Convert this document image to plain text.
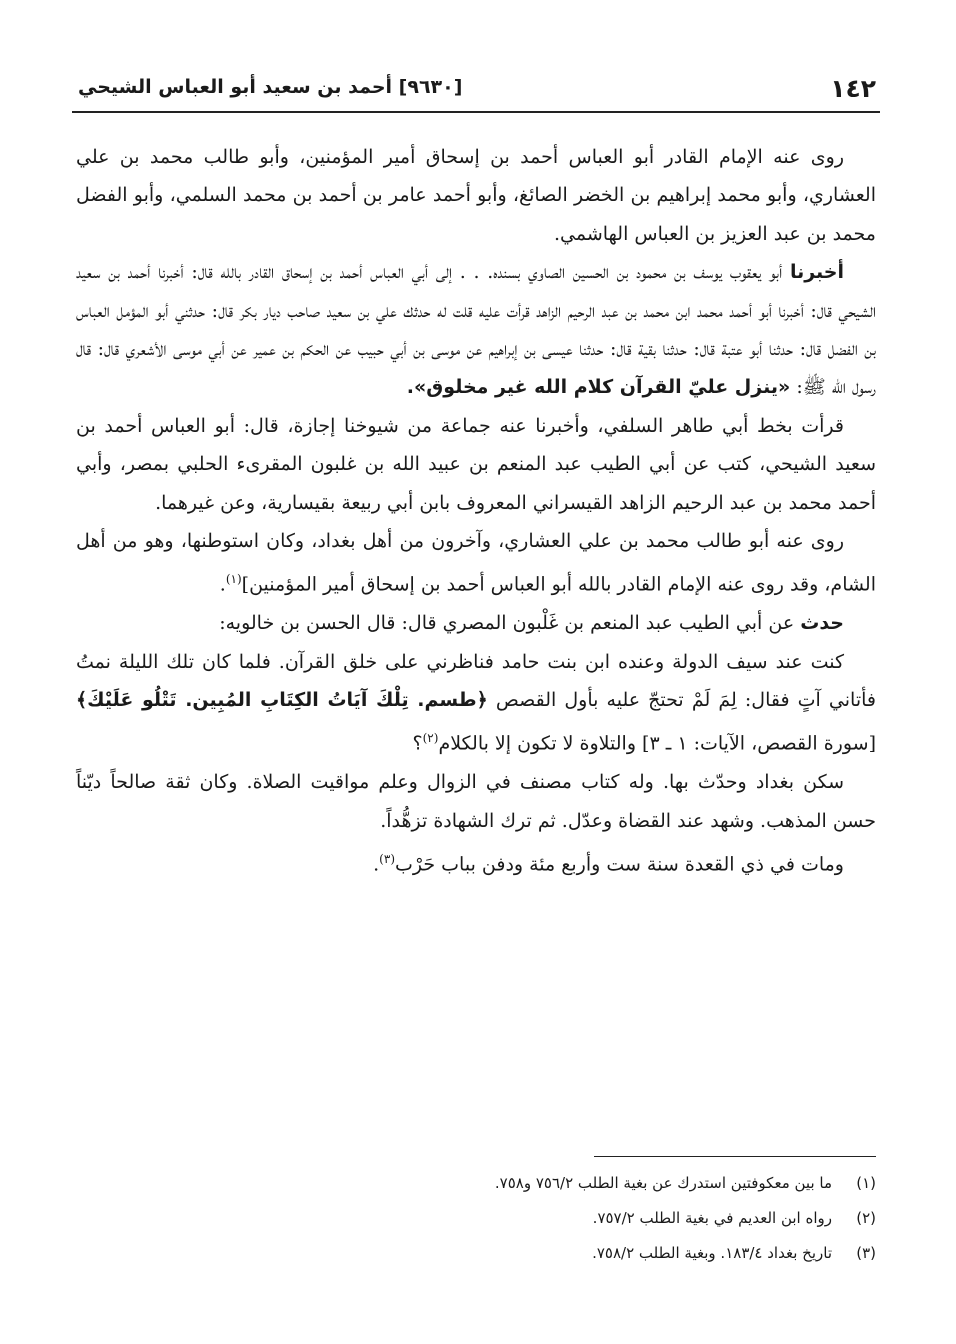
١٤٢
[٩٦٣٠] أحمد بن سعيد أبو العباس الشيحي

روى عنه الإمام القادر أبو العباس أحمد بن إسحاق أمير المؤمنين، وأبو طالب محمد بن علي العشاري، وأبو محمد إبراهيم بن الخضر الصائغ، وأبو أحمد عامر بن أحمد بن محمد السلمي، وأبو الفضل محمد بن عبد العزيز بن العباس الهاشمي.

أخبرنا أبو يعقوب يوسف بن محمود بن الحسين الصاوي بسنده. . . إلى أبي العباس أحمد بن إسحاق القادر بالله قال: أخبرنا أحمد بن سعيد الشيحي قال: أخبرنا أبو أحمد محمد ابن محمد بن عبد الرحيم الزاهد قرأت عليه قلت له حدثك علي بن سعيد صاحب ديار بكر قال: حدثني أبو المؤمل العباس بن الفضل قال: حدثنا أبو عتبة قال: حدثنا بقية قال: حدثنا عيسى بن إبراهيم عن موسى بن أبي حبيب عن الحكم بن عمير عن أبي موسى الأشعري قال: قال رسول الله ﷺ: «ينزل عليّ القرآن كلام الله غير مخلوق».

قرأت بخط أبي طاهر السلفي، وأخبرنا عنه جماعة من شيوخنا إجازة، قال: أبو العباس أحمد بن سعيد الشيحي، كتب عن أبي الطيب عبد المنعم بن عبيد الله بن غلبون المقرىء الحلبي بمصر، وأبي أحمد محمد بن عبد الرحيم الزاهد القيسراني المعروف بابن أبي ربيعة بقيسارية، وعن غيرهما.

روى عنه أبو طالب محمد بن علي العشاري، وآخرون من أهل بغداد، وكان استوطنها، وهو من أهل الشام، وقد روى عنه الإمام القادر بالله أبو العباس أحمد بن إسحاق أمير المؤمنين]$^{(١)}$.

حدث عن أبي الطيب عبد المنعم بن غَلْبون المصري قال: قال الحسن بن خالويه:

كنت عند سيف الدولة وعنده ابن بنت حامد فناظرني على خلق القرآن. فلما كان تلك الليلة نمتُ فأتاني آتٍ فقال: لِمَ لَمْ تحتجّ عليه بأول القصص ﴿طسم. تِلْكَ آيَاتُ الكِتَابِ المُبِين. تَتْلُو عَلَيْكَ﴾ [سورة القصص، الآيات: ١ ـ ٣] والتلاوة لا تكون إلا بالكلام$^{(٢)}$؟

سكن بغداد وحدّث بها. وله كتاب مصنف في الزوال وعلم مواقيت الصلاة. وكان ثقة صالحاً ديّناً حسن المذهب. وشهد عند القضاة وعدّل. ثم ترك الشهادة تزهُّداً.

ومات في ذي القعدة سنة ست وأربع مئة ودفن بباب حَرْب$^{(٣)}$.

(١)
ما بين معكوفتين استدرك عن بغية الطلب ٧٥٦/٢ و٧٥٨.
(٢)
رواه ابن العديم في بغية الطلب ٧٥٧/٢.
(٣)
تاريخ بغداد ١٨٣/٤. وبغية الطلب ٧٥٨/٢.
